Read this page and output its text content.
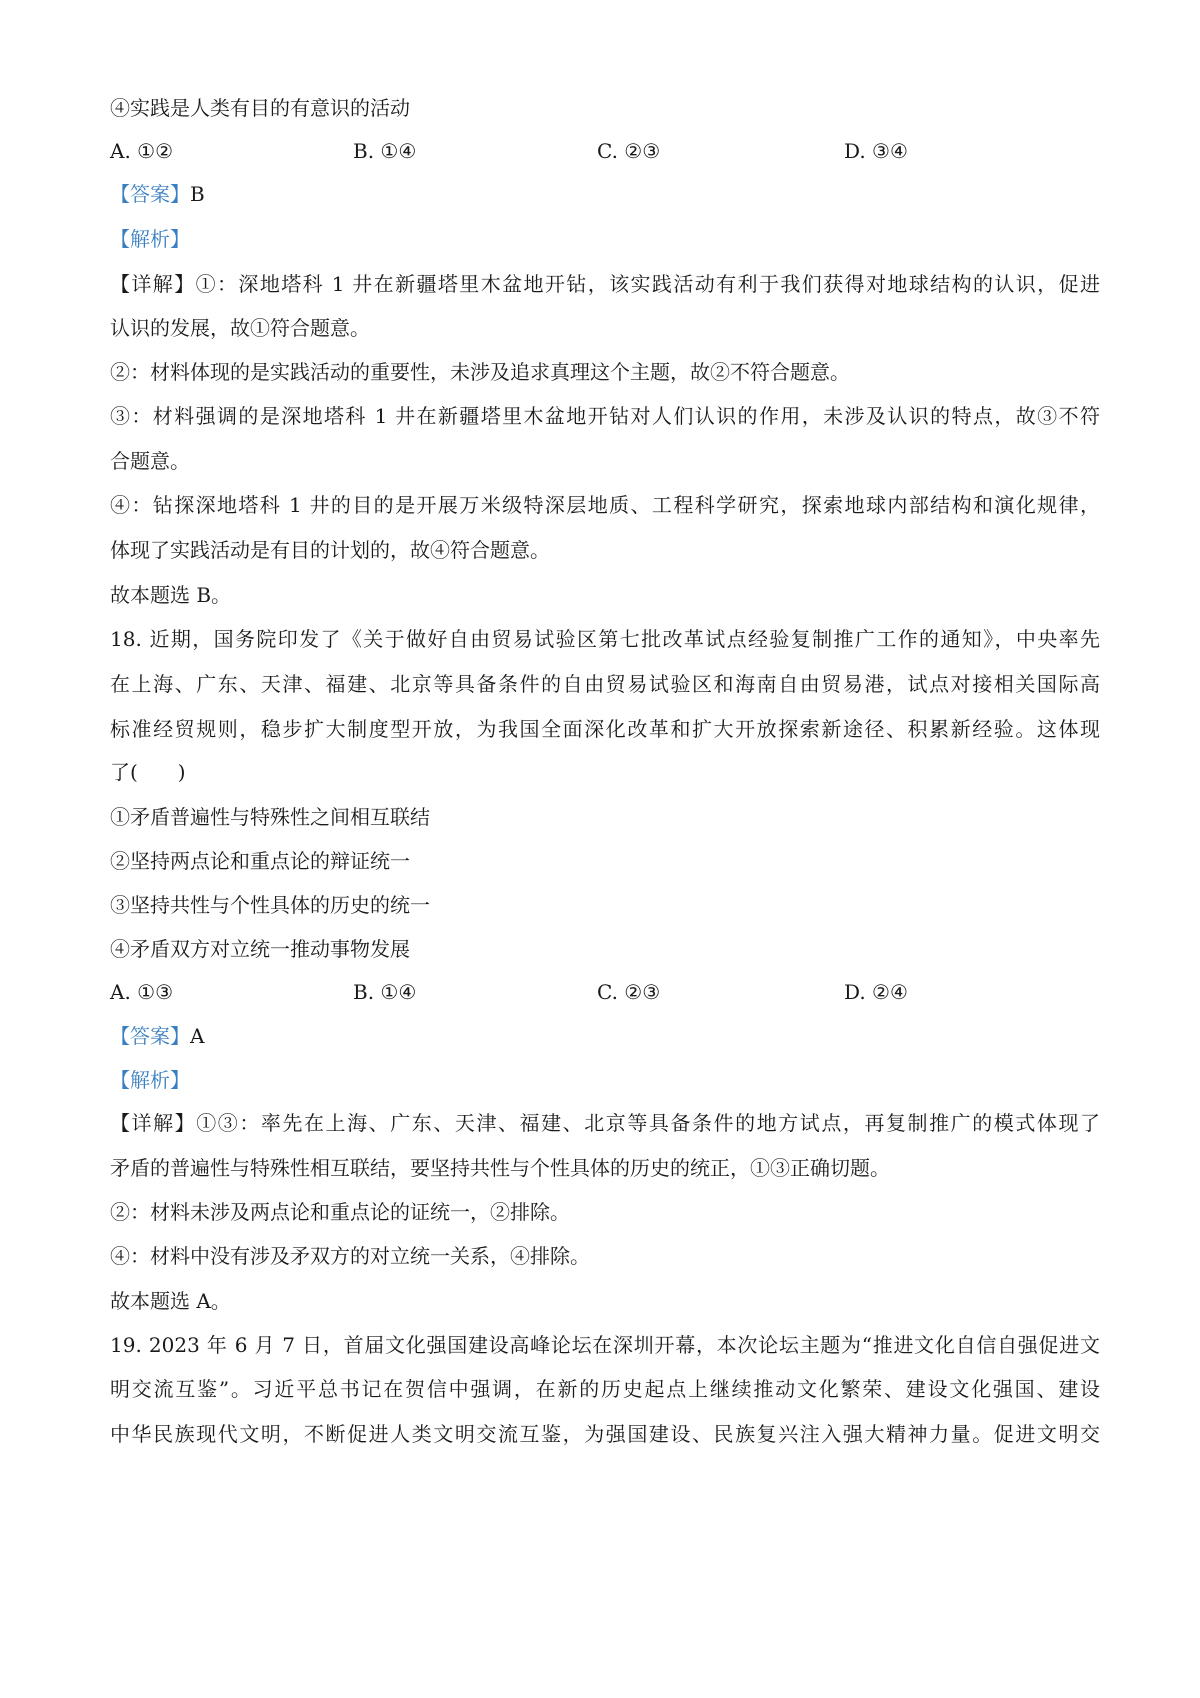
④实践是人类有目的有意识的活动
A. ①②	B. ①④	C. ②③	D. ③④
【答案】B
【解析】
【详解】①：深地塔科 1 井在新疆塔里木盆地开钻，该实践活动有利于我们获得对地球结构的认识，促进
认识的发展，故①符合题意。
②：材料体现的是实践活动的重要性，未涉及追求真理这个主题，故②不符合题意。
③：材料强调的是深地塔科 1 井在新疆塔里木盆地开钻对人们认识的作用，未涉及认识的特点，故③不符
合题意。
④：钻探深地塔科 1 井的目的是开展万米级特深层地质、工程科学研究，探索地球内部结构和演化规律，
体现了实践活动是有目的计划的，故④符合题意。
故本题选 B。
18. 近期，国务院印发了《关于做好自由贸易试验区第七批改革试点经验复制推广工作的通知》，中央率先
在上海、广东、天津、福建、北京等具备条件的自由贸易试验区和海南自由贸易港，试点对接相关国际高
标准经贸规则，稳步扩大制度型开放，为我国全面深化改革和扩大开放探索新途径、积累新经验。这体现
了(　　)
①矛盾普遍性与特殊性之间相互联结
②坚持两点论和重点论的辩证统一
③坚持共性与个性具体的历史的统一
④矛盾双方对立统一推动事物发展
A. ①③	B. ①④	C. ②③	D. ②④
【答案】A
【解析】
【详解】①③：率先在上海、广东、天津、福建、北京等具备条件的地方试点，再复制推广的模式体现了
矛盾的普遍性与特殊性相互联结，要坚持共性与个性具体的历史的统正，①③正确切题。
②：材料未涉及两点论和重点论的证统一，②排除。
④：材料中没有涉及矛双方的对立统一关系，④排除。
故本题选 A。
19. 2023 年 6 月 7 日，首届文化强国建设高峰论坛在深圳开幕，本次论坛主题为“推进文化自信自强促进文
明交流互鉴”。习近平总书记在贺信中强调，在新的历史起点上继续推动文化繁荣、建设文化强国、建设
中华民族现代文明，不断促进人类文明交流互鉴，为强国建设、民族复兴注入强大精神力量。促进文明交
